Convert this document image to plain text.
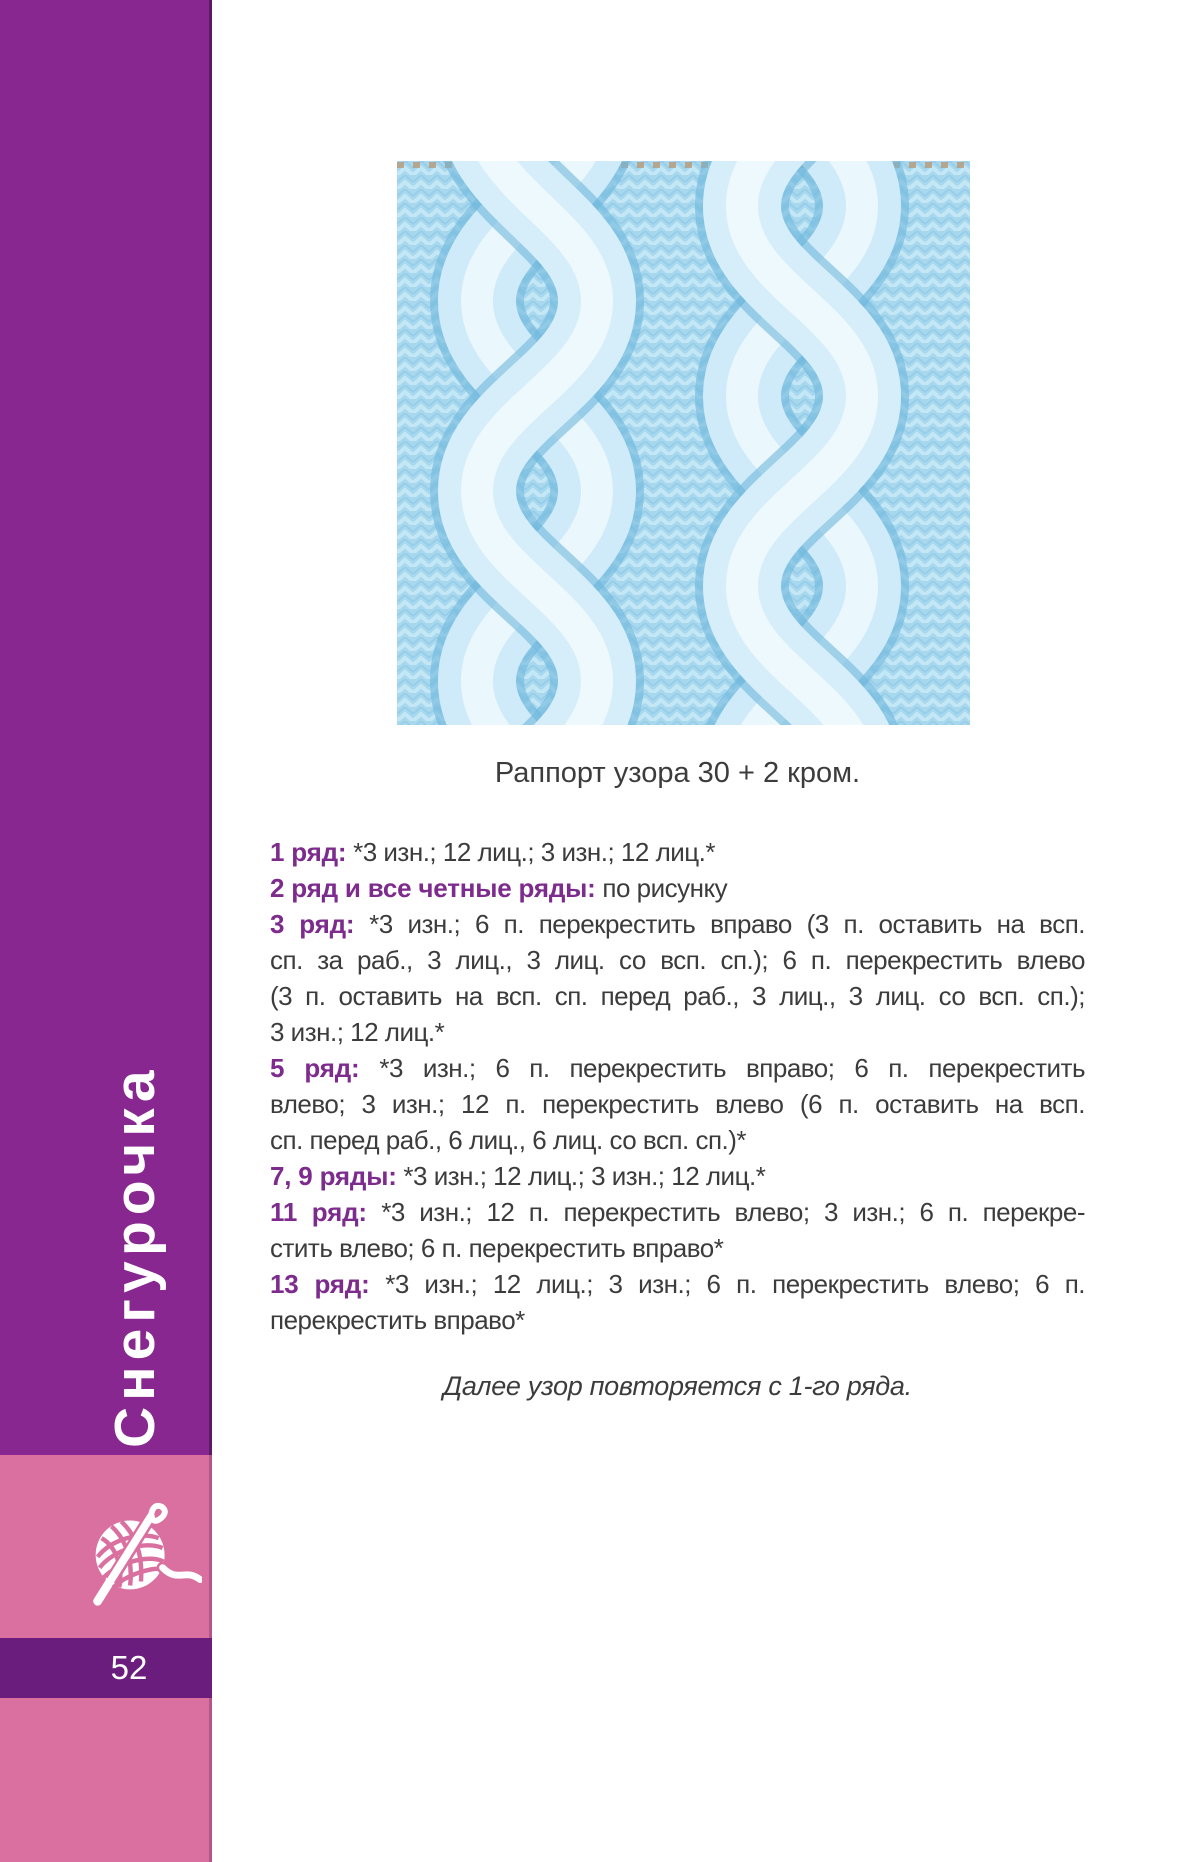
Снегурочка
52
Раппорт узора 30 + 2 кром.
1 ряд: *3 изн.; 12 лиц.; 3 изн.; 12 лиц.*
2 ряд и все четные ряды: по рисунку
3 ряд: *3 изн.; 6 п. перекрестить вправо (3 п. оставить на всп.
сп. за раб., 3 лиц., 3 лиц. со всп. сп.); 6 п. перекрестить влево
(3 п. оставить на всп. сп. перед раб., 3 лиц., 3 лиц. со всп. сп.);
3 изн.; 12 лиц.*
5 ряд: *3 изн.; 6 п. перекрестить вправо; 6 п. перекрестить
влево; 3 изн.; 12 п. перекрестить влево (6 п. оставить на всп.
сп. перед раб., 6 лиц., 6 лиц. со всп. сп.)*
7, 9 ряды: *3 изн.; 12 лиц.; 3 изн.; 12 лиц.*
11 ряд: *3 изн.; 12 п. перекрестить влево; 3 изн.; 6 п. перекре-
стить влево; 6 п. перекрестить вправо*
13 ряд: *3 изн.; 12 лиц.; 3 изн.; 6 п. перекрестить влево; 6 п.
перекрестить вправо*
Далее узор повторяется с 1-го ряда.
